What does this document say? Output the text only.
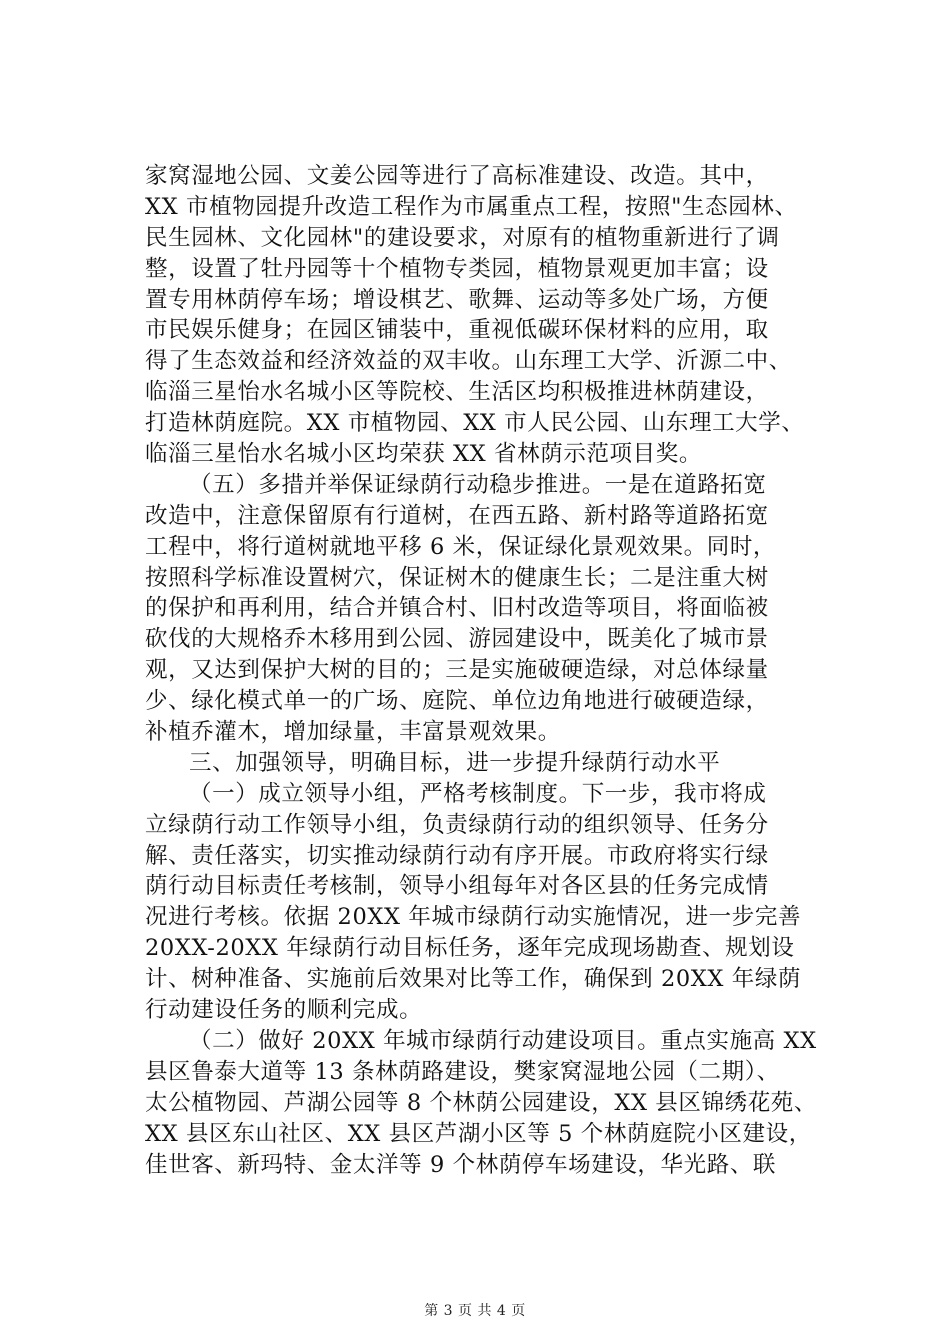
家窝湿地公园、文姜公园等进行了高标准建设、改造。其中，
XX 市植物园提升改造工程作为市属重点工程，按照"生态园林、
民生园林、文化园林"的建设要求，对原有的植物重新进行了调
整，设置了牡丹园等十个植物专类园，植物景观更加丰富；设
置专用林荫停车场；增设棋艺、歌舞、运动等多处广场，方便
市民娱乐健身；在园区铺装中，重视低碳环保材料的应用，取
得了生态效益和经济效益的双丰收。山东理工大学、沂源二中、
临淄三星怡水名城小区等院校、生活区均积极推进林荫建设，
打造林荫庭院。XX 市植物园、XX 市人民公园、山东理工大学、
临淄三星怡水名城小区均荣获 XX 省林荫示范项目奖。
（五）多措并举保证绿荫行动稳步推进。一是在道路拓宽
改造中，注意保留原有行道树，在西五路、新村路等道路拓宽
工程中，将行道树就地平移 6 米，保证绿化景观效果。同时，
按照科学标准设置树穴，保证树木的健康生长；二是注重大树
的保护和再利用，结合并镇合村、旧村改造等项目，将面临被
砍伐的大规格乔木移用到公园、游园建设中，既美化了城市景
观，又达到保护大树的目的；三是实施破硬造绿，对总体绿量
少、绿化模式单一的广场、庭院、单位边角地进行破硬造绿，
补植乔灌木，增加绿量，丰富景观效果。
三、加强领导，明确目标，进一步提升绿荫行动水平
（一）成立领导小组，严格考核制度。下一步，我市将成
立绿荫行动工作领导小组，负责绿荫行动的组织领导、任务分
解、责任落实，切实推动绿荫行动有序开展。市政府将实行绿
荫行动目标责任考核制，领导小组每年对各区县的任务完成情
况进行考核。依据 20XX 年城市绿荫行动实施情况，进一步完善
20XX-20XX 年绿荫行动目标任务，逐年完成现场勘查、规划设
计、树种准备、实施前后效果对比等工作，确保到 20XX 年绿荫
行动建设任务的顺利完成。
（二）做好 20XX 年城市绿荫行动建设项目。重点实施高 XX
县区鲁泰大道等 13 条林荫路建设，樊家窝湿地公园（二期）、
太公植物园、芦湖公园等 8 个林荫公园建设，XX 县区锦绣花苑、
XX 县区东山社区、XX 县区芦湖小区等 5 个林荫庭院小区建设，
佳世客、新玛特、金太洋等 9 个林荫停车场建设，华光路、联
第 3 页 共 4 页
